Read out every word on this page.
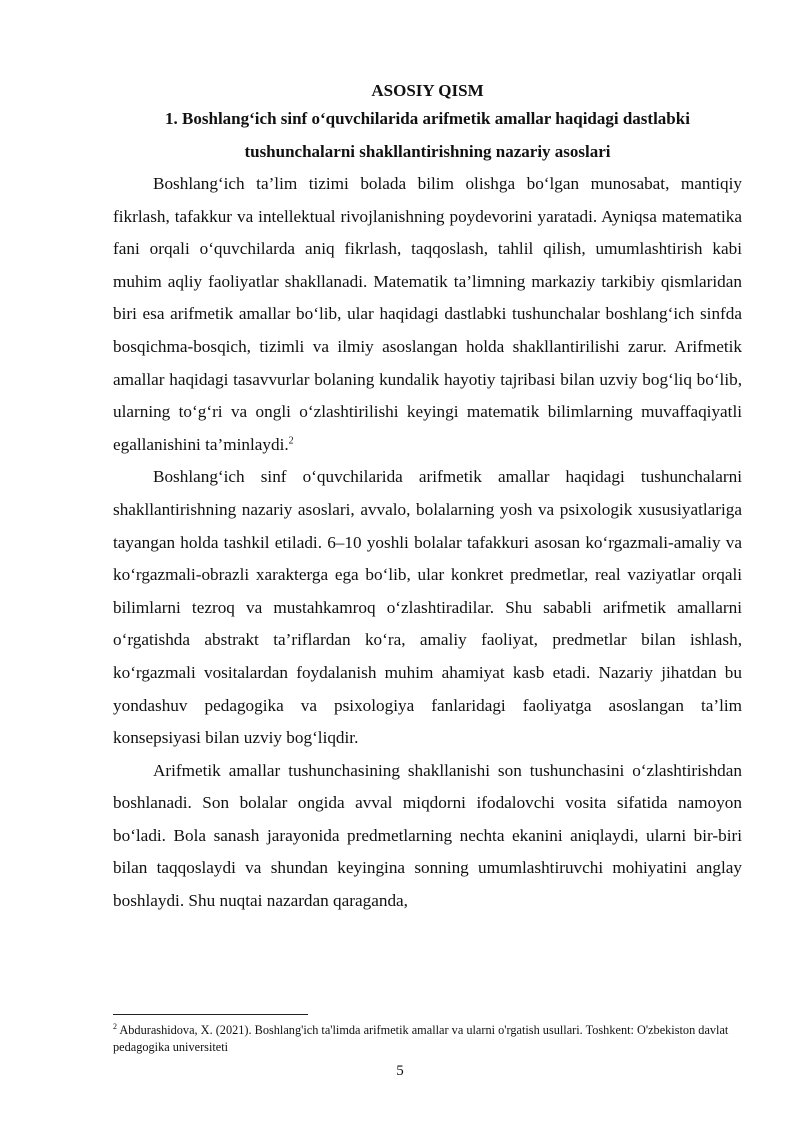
ASOSIY QISM
1. Boshlang‘ich sinf o‘quvchilarida arifmetik amallar haqidagi dastlabki tushunchalarni shakllantirishning nazariy asoslari

Boshlang‘ich ta’lim tizimi bolada bilim olishga bo‘lgan munosabat, mantiqiy fikrlash, tafakkur va intellektual rivojlanishning poydevorini yaratadi. Ayniqsa matematika fani orqali o‘quvchilarda aniq fikrlash, taqqoslash, tahlil qilish, umumlashtirish kabi muhim aqliy faoliyatlar shakllanadi. Matematik ta’limning markaziy tarkibiy qismlaridan biri esa arifmetik amallar bo‘lib, ular haqidagi dastlabki tushunchalar boshlang‘ich sinfda bosqichma-bosqich, tizimli va ilmiy asoslangan holda shakllantirilishi zarur. Arifmetik amallar haqidagi tasavvurlar bolaning kundalik hayotiy tajribasi bilan uzviy bog‘liq bo‘lib, ularning to‘g‘ri va ongli o‘zlashtirilishi keyingi matematik bilimlarning muvaffaqiyatli egallanishini ta’minlaydi.$^2$

Boshlang‘ich sinf o‘quvchilarida arifmetik amallar haqidagi tushunchalarni shakllantirishning nazariy asoslari, avvalo, bolalarning yosh va psixologik xususiyatlariga tayangan holda tashkil etiladi. 6–10 yoshli bolalar tafakkuri asosan ko‘rgazmali-amaliy va ko‘rgazmali-obrazli xarakterga ega bo‘lib, ular konkret predmetlar, real vaziyatlar orqali bilimlarni tezroq va mustahkamroq o‘zlashtiradilar. Shu sababli arifmetik amallarni o‘rgatishda abstrakt ta’riflardan ko‘ra, amaliy faoliyat, predmetlar bilan ishlash, ko‘rgazmali vositalardan foydalanish muhim ahamiyat kasb etadi. Nazariy jihatdan bu yondashuv pedagogika va psixologiya fanlaridagi faoliyatga asoslangan ta’lim konsepsiyasi bilan uzviy bog‘liqdir.

Arifmetik amallar tushunchasining shakllanishi son tushunchasini o‘zlashtirishdan boshlanadi. Son bolalar ongida avval miqdorni ifodalovchi vosita sifatida namoyon bo‘ladi. Bola sanash jarayonida predmetlarning nechta ekanini aniqlaydi, ularni bir-biri bilan taqqoslaydi va shundan keyingina sonning umumlashtiruvchi mohiyatini anglay boshlaydi. Shu nuqtai nazardan qaraganda,

$^2$ Abdurashidova, X. (2021). Boshlang'ich ta'limda arifmetik amallar va ularni o'rgatish usullari. Toshkent: O'zbekiston davlat pedagogika universiteti

5
